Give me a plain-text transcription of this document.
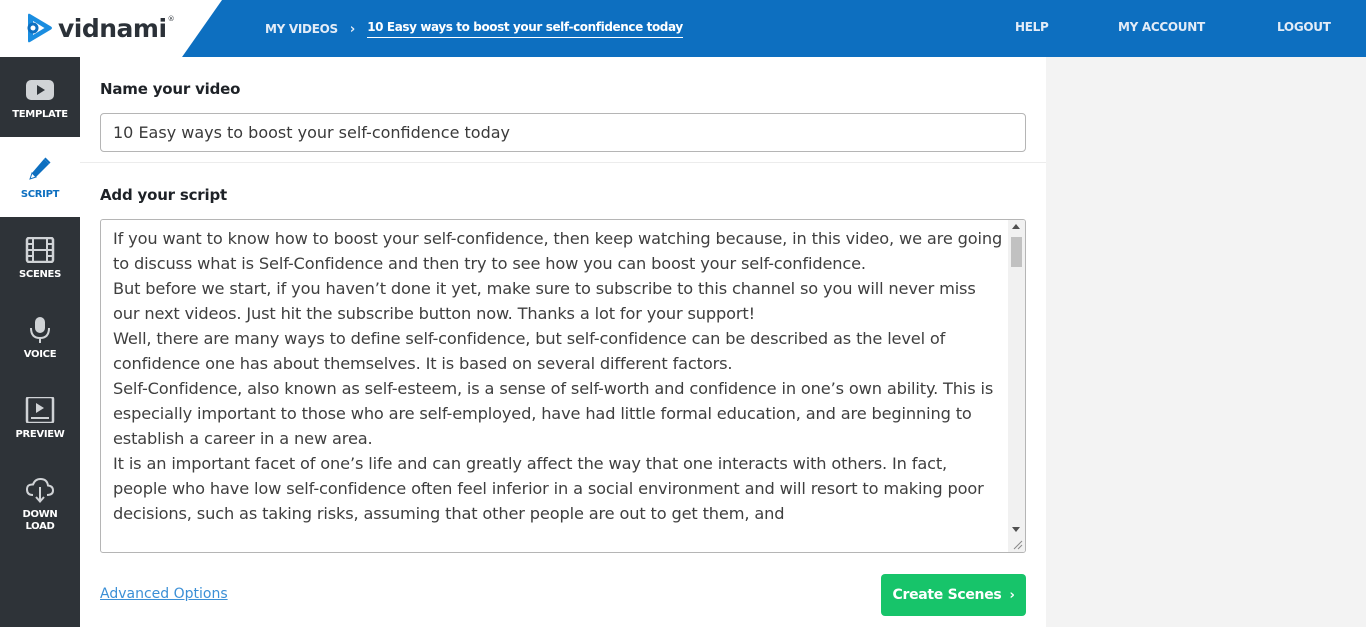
vidnami ®
MY VIDEOS › 10 Easy ways to boost your self-confidence today	HELP	MY ACCOUNT	LOGOUT
TEMPLATE
SCRIPT
SCENES
VOICE
PREVIEW
DOWN
LOAD
Name your video
10 Easy ways to boost your self-confidence today
Add your script

If you want to know how to boost your self-confidence, then keep watching because, in this video, we are going to discuss what is Self-Confidence and then try to see how you can boost your self-confidence.

But before we start, if you haven’t done it yet, make sure to subscribe to this channel so you will never miss our next videos. Just hit the subscribe button now. Thanks a lot for your support!

Well, there are many ways to define self-confidence, but self-confidence can be described as the level of confidence one has about themselves. It is based on several different factors.

Self-Confidence, also known as self-esteem, is a sense of self-worth and confidence in one’s own ability. This is especially important to those who are self-employed, have had little formal education, and are beginning to establish a career in a new area.

It is an important facet of one’s life and can greatly affect the way that one interacts with others. In fact, people who have low self-confidence often feel inferior in a social environment and will resort to making poor decisions, such as taking risks, assuming that other people are out to get them, and

Advanced Options	Create Scenes ›
